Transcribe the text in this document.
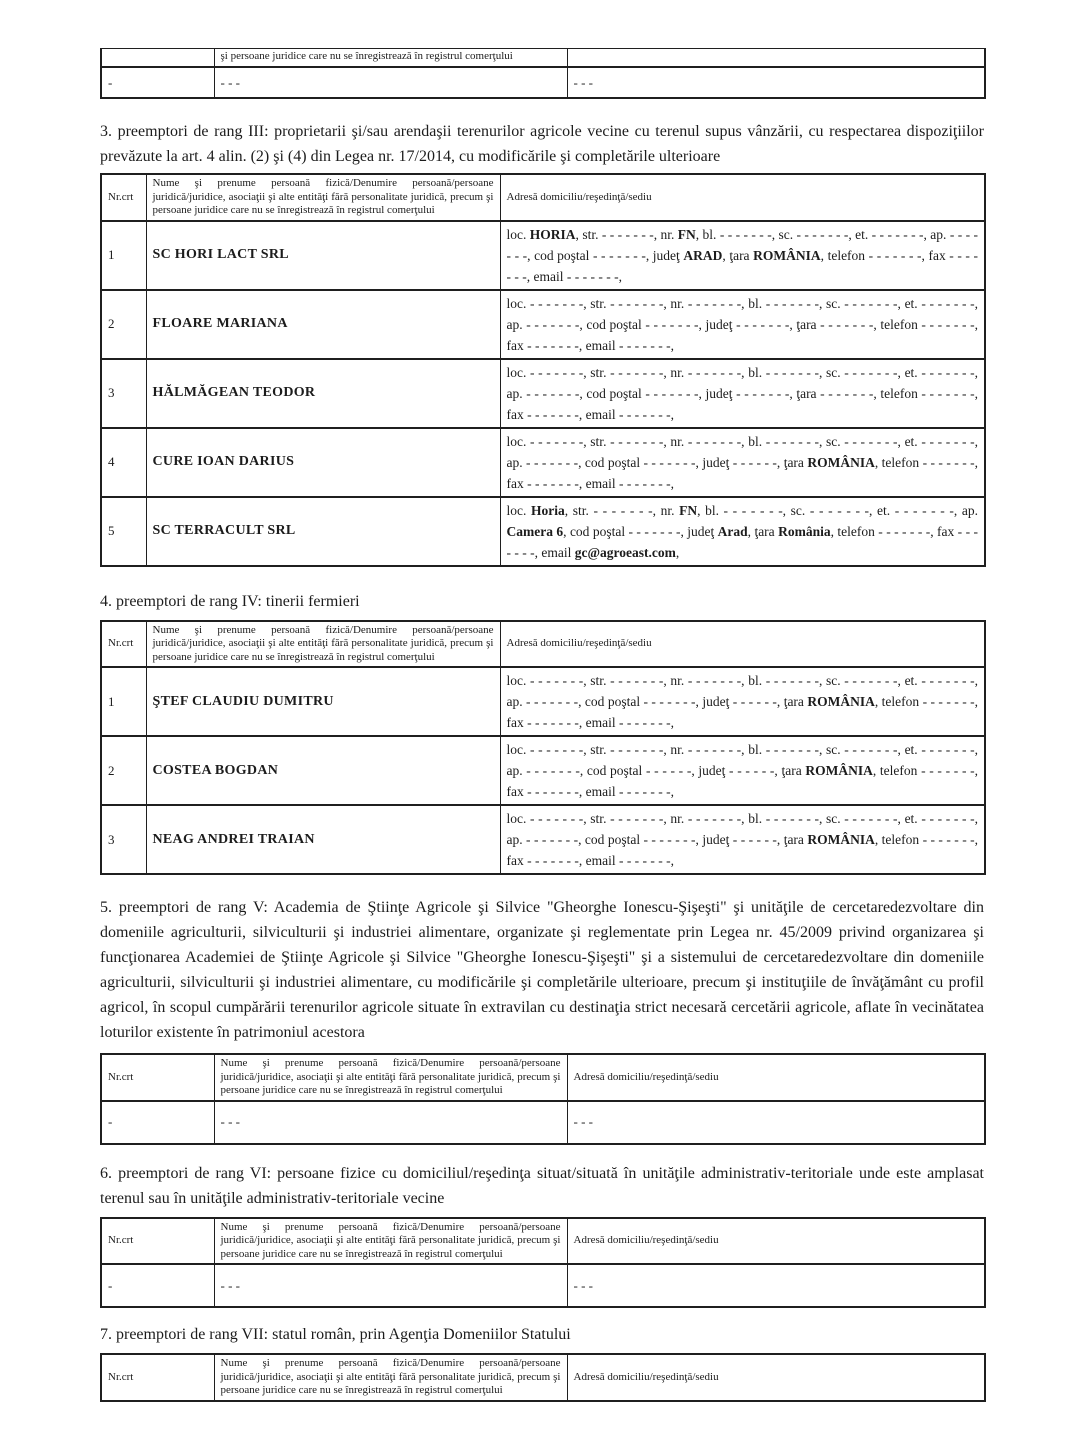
	şi persoane juridice care nu se înregistrează în registrul comerţului	
-	- - -	- - -

3. preemptori de rang III: proprietarii şi/sau arendaşii terenurilor agricole vecine cu terenul supus vânzării, cu respectarea dispoziţiilor prevăzute la art. 4 alin. (2) şi (4) din Legea nr. 17/2014, cu modificările şi completările ulterioare

Nr.crt	Nume şi prenume persoană fizică/Denumire persoană/persoane juridică/juridice, asociaţii şi alte entităţi fără personalitate juridică, precum şi persoane juridice care nu se înregistrează în registrul comerţului	Adresă domiciliu/reşedinţă/sediu
1	SC HORI LACT SRL	loc. HORIA, str. - - - - - - -, nr. FN, bl. - - - - - - -, sc. - - - - - - -, et. - - - - - - -, ap. - - - - - - -, cod poştal - - - - - - -, judeţ ARAD, ţara ROMÂNIA, telefon - - - - - - -, fax - - - - - - -, email - - - - - - -,
2	FLOARE MARIANA	loc. - - - - - - -, str. - - - - - - -, nr. - - - - - - -, bl. - - - - - - -, sc. - - - - - - -, et. - - - - - - -, ap. - - - - - - -, cod poştal - - - - - - -, judeţ - - - - - - -, ţara - - - - - - -, telefon - - - - - - -, fax - - - - - - -, email - - - - - - -,
3	HĂLMĂGEAN TEODOR	loc. - - - - - - -, str. - - - - - - -, nr. - - - - - - -, bl. - - - - - - -, sc. - - - - - - -, et. - - - - - - -, ap. - - - - - - -, cod poştal - - - - - - -, judeţ - - - - - - -, ţara - - - - - - -, telefon - - - - - - -, fax - - - - - - -, email - - - - - - -,
4	CURE IOAN DARIUS	loc. - - - - - - -, str. - - - - - - -, nr. - - - - - - -, bl. - - - - - - -, sc. - - - - - - -, et. - - - - - - -, ap. - - - - - - -, cod poştal - - - - - - -, judeţ - - - - - -, ţara ROMÂNIA, telefon - - - - - - -, fax - - - - - - -, email - - - - - - -,
5	SC TERRACULT SRL	loc. Horia, str. - - - - - - -, nr. FN, bl. - - - - - - -, sc. - - - - - - -, et. - - - - - - -, ap. Camera 6, cod poştal - - - - - - -, judeţ Arad, ţara România, telefon - - - - - - -, fax - - - - - - -, email gc@agroeast.com,

4. preemptori de rang IV: tinerii fermieri

Nr.crt	Nume şi prenume persoană fizică/Denumire persoană/persoane juridică/juridice, asociaţii şi alte entităţi fără personalitate juridică, precum şi persoane juridice care nu se înregistrează în registrul comerţului	Adresă domiciliu/reşedinţă/sediu
1	ŞTEF CLAUDIU DUMITRU	loc. - - - - - - -, str. - - - - - - -, nr. - - - - - - -, bl. - - - - - - -, sc. - - - - - - -, et. - - - - - - -, ap. - - - - - - -, cod poştal - - - - - - -, judeţ - - - - - -, ţara ROMÂNIA, telefon - - - - - - -, fax - - - - - - -, email - - - - - - -,
2	COSTEA BOGDAN	loc. - - - - - - -, str. - - - - - - -, nr. - - - - - - -, bl. - - - - - - -, sc. - - - - - - -, et. - - - - - - -, ap. - - - - - - -, cod poştal - - - - - -, judeţ - - - - - -, ţara ROMÂNIA, telefon - - - - - - -, fax - - - - - - -, email - - - - - - -,
3	NEAG ANDREI TRAIAN	loc. - - - - - - -, str. - - - - - - -, nr. - - - - - - -, bl. - - - - - - -, sc. - - - - - - -, et. - - - - - - -, ap. - - - - - - -, cod poştal - - - - - - -, judeţ - - - - - -, ţara ROMÂNIA, telefon - - - - - - -, fax - - - - - - -, email - - - - - - -,

5. preemptori de rang V: Academia de Ştiinţe Agricole şi Silvice "Gheorghe Ionescu-Şişeşti" şi unităţile de cercetaredezvoltare din domeniile agriculturii, silviculturii şi industriei alimentare, organizate şi reglementate prin Legea nr. 45/2009 privind organizarea şi funcţionarea Academiei de Ştiinţe Agricole şi Silvice "Gheorghe Ionescu-Şişeşti" şi a sistemului de cercetaredezvoltare din domeniile agriculturii, silviculturii şi industriei alimentare, cu modificările şi completările ulterioare, precum şi instituţiile de învăţământ cu profil agricol, în scopul cumpărării terenurilor agricole situate în extravilan cu destinaţia strict necesară cercetării agricole, aflate în vecinătatea loturilor existente în patrimoniul acestora

Nr.crt	Nume şi prenume persoană fizică/Denumire persoană/persoane juridică/juridice, asociaţii şi alte entităţi fără personalitate juridică, precum şi persoane juridice care nu se înregistrează în registrul comerţului	Adresă domiciliu/reşedinţă/sediu
-	- - -	- - -

6. preemptori de rang VI: persoane fizice cu domiciliul/reşedinţa situat/situată în unităţile administrativ-teritoriale unde este amplasat terenul sau în unităţile administrativ-teritoriale vecine

Nr.crt	Nume şi prenume persoană fizică/Denumire persoană/persoane juridică/juridice, asociaţii şi alte entităţi fără personalitate juridică, precum şi persoane juridice care nu se înregistrează în registrul comerţului	Adresă domiciliu/reşedinţă/sediu
-	- - -	- - -

7. preemptori de rang VII: statul român, prin Agenţia Domeniilor Statului

Nr.crt	Nume şi prenume persoană fizică/Denumire persoană/persoane juridică/juridice, asociaţii şi alte entităţi fără personalitate juridică, precum şi persoane juridice care nu se înregistrează în registrul comerţului	Adresă domiciliu/reşedinţă/sediu
